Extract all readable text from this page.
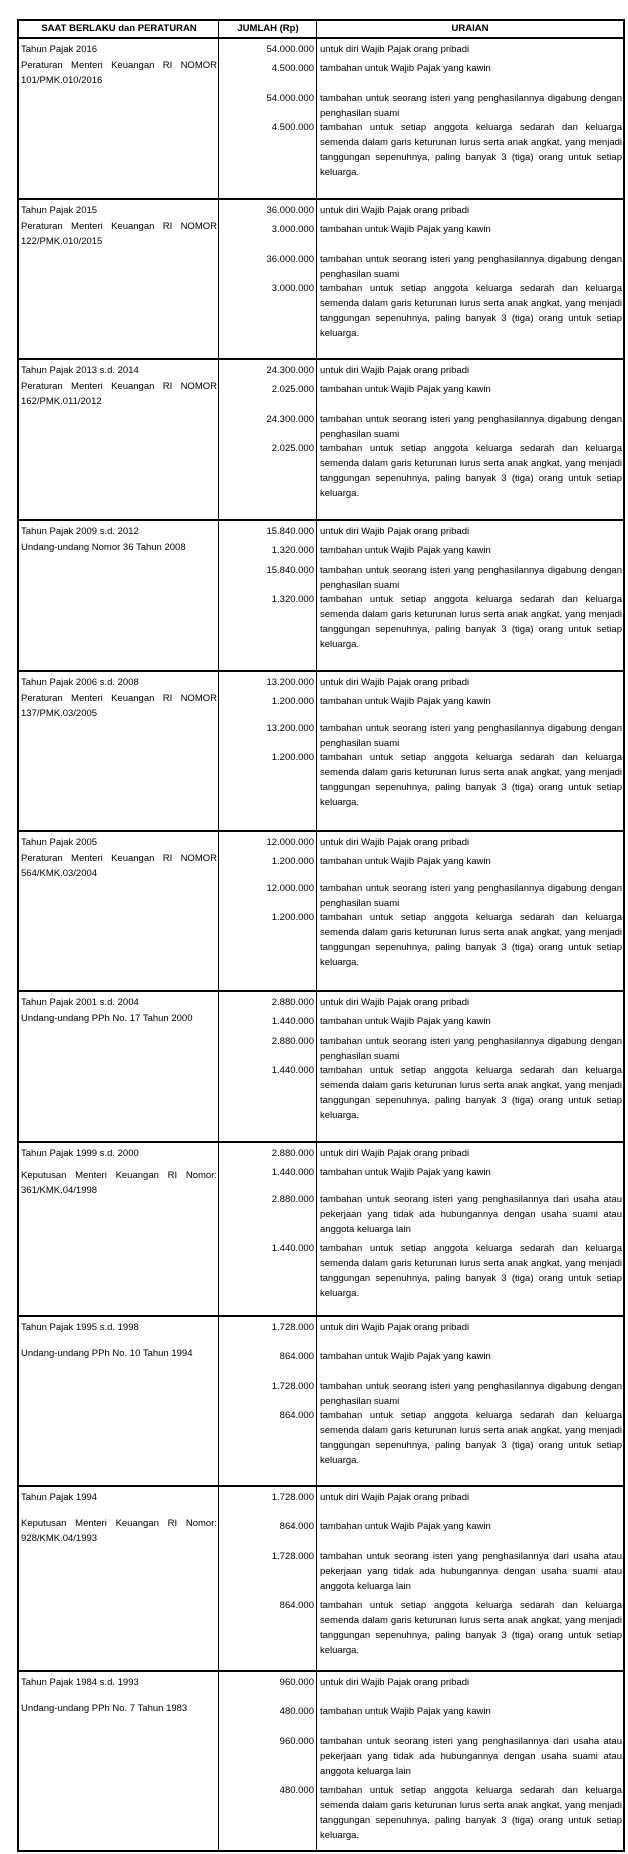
SAAT BERLAKU dan PERATURAN	JUMLAH (Rp)	URAIAN
Tahun Pajak 2016
Peraturan Menteri Keuangan RI NOMOR 101/PMK.010/2016
54.000.000 untuk diri Wajib Pajak orang pribadi
4.500.000 tambahan untuk Wajib Pajak yang kawin
54.000.000 tambahan untuk seorang isteri yang penghasilannya digabung dengan penghasilan suami
4.500.000 tambahan untuk setiap anggota keluarga sedarah dan keluarga semenda dalam garis keturunan lurus serta anak angkat, yang menjadi tanggungan sepenuhnya, paling banyak 3 (tiga) orang untuk setiap keluarga.
Tahun Pajak 2015
Peraturan Menteri Keuangan RI NOMOR 122/PMK.010/2015
36.000.000 untuk diri Wajib Pajak orang pribadi
3.000.000 tambahan untuk Wajib Pajak yang kawin
36.000.000 tambahan untuk seorang isteri yang penghasilannya digabung dengan penghasilan suami
3.000.000 tambahan untuk setiap anggota keluarga sedarah dan keluarga semenda dalam garis keturunan lurus serta anak angkat, yang menjadi tanggungan sepenuhnya, paling banyak 3 (tiga) orang untuk setiap keluarga.
Tahun Pajak 2013 s.d. 2014
Peraturan Menteri Keuangan RI NOMOR 162/PMK.011/2012
24.300.000 untuk diri Wajib Pajak orang pribadi
2.025.000 tambahan untuk Wajib Pajak yang kawin
24.300.000 tambahan untuk seorang isteri yang penghasilannya digabung dengan penghasilan suami
2.025.000 tambahan untuk setiap anggota keluarga sedarah dan keluarga semenda dalam garis keturunan lurus serta anak angkat, yang menjadi tanggungan sepenuhnya, paling banyak 3 (tiga) orang untuk setiap keluarga.
Tahun Pajak 2009 s.d. 2012
Undang-undang Nomor 36 Tahun 2008
15.840.000 untuk diri Wajib Pajak orang pribadi
1.320.000 tambahan untuk Wajib Pajak yang kawin
15.840.000 tambahan untuk seorang isteri yang penghasilannya digabung dengan penghasilan suami
1.320.000 tambahan untuk setiap anggota keluarga sedarah dan keluarga semenda dalam garis keturunan lurus serta anak angkat, yang menjadi tanggungan sepenuhnya, paling banyak 3 (tiga) orang untuk setiap keluarga.
Tahun Pajak 2006 s.d. 2008
Peraturan Menteri Keuangan RI NOMOR 137/PMK.03/2005
13.200.000 untuk diri Wajib Pajak orang pribadi
1.200.000 tambahan untuk Wajib Pajak yang kawin
13.200.000 tambahan untuk seorang isteri yang penghasilannya digabung dengan penghasilan suami
1.200.000 tambahan untuk setiap anggota keluarga sedarah dan keluarga semenda dalam garis keturunan lurus serta anak angkat, yang menjadi tanggungan sepenuhnya, paling banyak 3 (tiga) orang untuk setiap keluarga.
Tahun Pajak 2005
Peraturan Menteri Keuangan RI NOMOR 564/KMK.03/2004
12.000.000 untuk diri Wajib Pajak orang pribadi
1.200.000 tambahan untuk Wajib Pajak yang kawin
12.000.000 tambahan untuk seorang isteri yang penghasilannya digabung dengan penghasilan suami
1.200.000 tambahan untuk setiap anggota keluarga sedarah dan keluarga semenda dalam garis keturunan lurus serta anak angkat, yang menjadi tanggungan sepenuhnya, paling banyak 3 (tiga) orang untuk setiap keluarga.
Tahun Pajak 2001 s.d. 2004
Undang-undang PPh No. 17 Tahun 2000
2.880.000 untuk diri Wajib Pajak orang pribadi
1.440.000 tambahan untuk Wajib Pajak yang kawin
2.880.000 tambahan untuk seorang isteri yang penghasilannya digabung dengan penghasilan suami
1.440.000 tambahan untuk setiap anggota keluarga sedarah dan keluarga semenda dalam garis keturunan lurus serta anak angkat, yang menjadi tanggungan sepenuhnya, paling banyak 3 (tiga) orang untuk setiap keluarga.
Tahun Pajak 1999 s.d. 2000
Keputusan Menteri Keuangan RI Nomor: 361/KMK.04/1998
2.880.000 untuk diri Wajib Pajak orang pribadi
1.440.000 tambahan untuk Wajib Pajak yang kawin
2.880.000 tambahan untuk seorang isteri yang penghasilannya dari usaha atau pekerjaan yang tidak ada hubungannya dengan usaha suami atau anggota keluarga lain
1.440.000 tambahan untuk setiap anggota keluarga sedarah dan keluarga semenda dalam garis keturunan lurus serta anak angkat, yang menjadi tanggungan sepenuhnya, paling banyak 3 (tiga) orang untuk setiap keluarga.
Tahun Pajak 1995 s.d. 1998
Undang-undang PPh No. 10 Tahun 1994
1.728.000 untuk diri Wajib Pajak orang pribadi
864.000 tambahan untuk Wajib Pajak yang kawin
1.728.000 tambahan untuk seorang isteri yang penghasilannya digabung dengan penghasilan suami
864.000 tambahan untuk setiap anggota keluarga sedarah dan keluarga semenda dalam garis keturunan lurus serta anak angkat, yang menjadi tanggungan sepenuhnya, paling banyak 3 (tiga) orang untuk setiap keluarga.
Tahun Pajak 1994
Keputusan Menteri Keuangan RI Nomor: 928/KMK.04/1993
1.728.000 untuk diri Wajib Pajak orang pribadi
864.000 tambahan untuk Wajib Pajak yang kawin
1.728.000 tambahan untuk seorang isteri yang penghasilannya dari usaha atau pekerjaan yang tidak ada hubungannya dengan usaha suami atau anggota keluarga lain
864.000 tambahan untuk setiap anggota keluarga sedarah dan keluarga semenda dalam garis keturunan lurus serta anak angkat, yang menjadi tanggungan sepenuhnya, paling banyak 3 (tiga) orang untuk setiap keluarga.
Tahun Pajak 1984 s.d. 1993
Undang-undang PPh No. 7 Tahun 1983
960.000 untuk diri Wajib Pajak orang pribadi
480.000 tambahan untuk Wajib Pajak yang kawin
960.000 tambahan untuk seorang isteri yang penghasilannya dari usaha atau pekerjaan yang tidak ada hubungannya dengan usaha suami atau anggota keluarga lain
480.000 tambahan untuk setiap anggota keluarga sedarah dan keluarga semenda dalam garis keturunan lurus serta anak angkat, yang menjadi tanggungan sepenuhnya, paling banyak 3 (tiga) orang untuk setiap keluarga.
